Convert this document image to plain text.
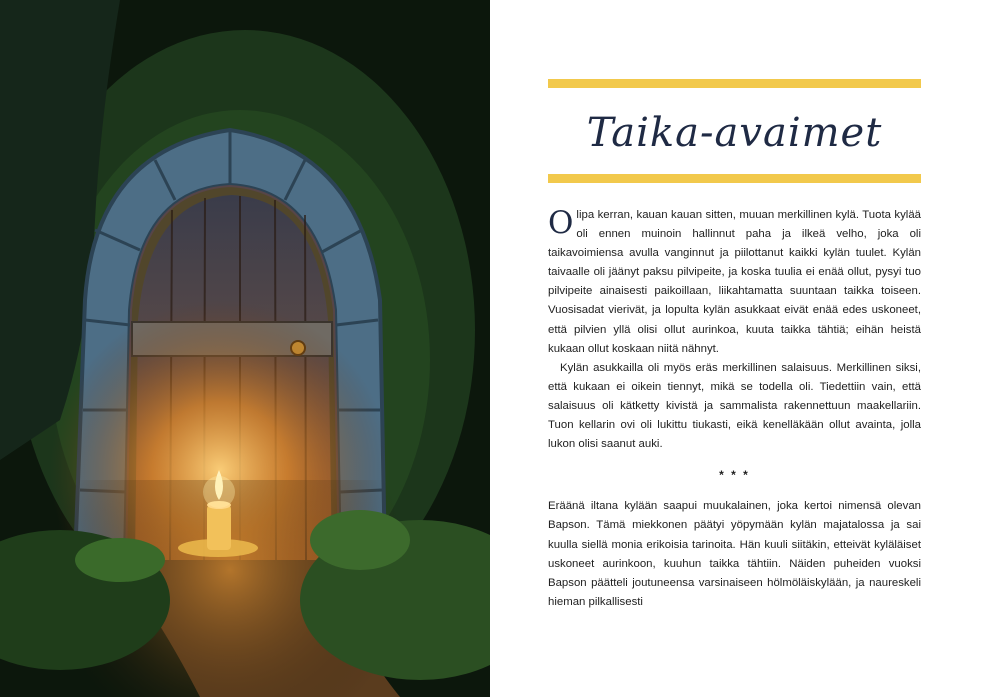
Taika-avaimet

Olipa kerran, kauan kauan sitten, muuan merkillinen kylä. Tuota kylää oli ennen muinoin hallinnut paha ja ilkeä velho, joka oli taikavoimiensa avulla vanginnut ja piilottanut kaikki kylän tuulet. Kylän taivaalle oli jäänyt paksu pilvipeite, ja koska tuulia ei enää ollut, pysyi tuo pilvipeite ainaisesti paikoillaan, liikahtamatta suuntaan taikka toiseen. Vuosisadat vierivät, ja lopulta kylän asukkaat eivät enää edes uskoneet, että pilvien yllä olisi ollut aurinkoa, kuuta taikka tähtiä; eihän heistä kukaan ollut koskaan niitä nähnyt.

Kylän asukkailla oli myös eräs merkillinen salaisuus. Merkillinen siksi, että kukaan ei oikein tiennyt, mikä se todella oli. Tiedettiin vain, että salaisuus oli kätketty kivistä ja sammalista rakennettuun maakellariin. Tuon kellarin ovi oli lukittu tiukasti, eikä kenelläkään ollut avainta, jolla lukon olisi saanut auki.

* * *

Eräänä iltana kylään saapui muukalainen, joka kertoi nimensä olevan Bapson. Tämä miekkonen päätyi yöpymään kylän majatalossa ja sai kuulla siellä monia erikoisia tarinoita. Hän kuuli siitäkin, etteivät kyläläiset uskoneet aurinkoon, kuuhun taikka tähtiin. Näiden puheiden vuoksi Bapson päätteli joutuneensa varsinaiseen hölmöläiskylään, ja naureskeli hieman pilkallisesti
